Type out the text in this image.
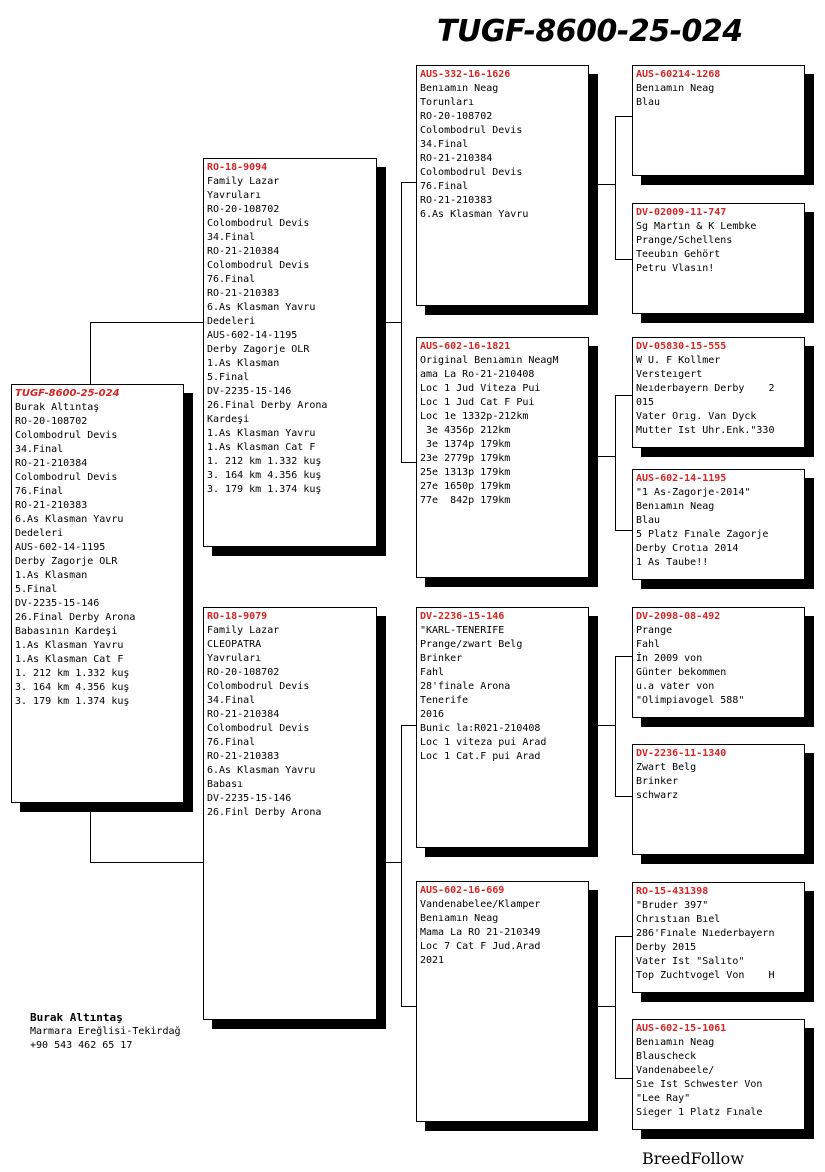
TUGF-8600-25-024
TUGF-8600-25-024
Burak Altıntaş
RO-20-108702
Colombodrul Devis
34.Final
RO-21-210384
Colombodrul Devis
76.Final
RO-21-210383
6.As Klasman Yavru
Dedeleri
AUS-602-14-1195
Derby Zagorje OLR
1.As Klasman
5.Final
DV-2235-15-146
26.Final Derby Arona
Babasının Kardeşi
1.As Klasman Yavru
1.As Klasman Cat F
1. 212 km 1.332 kuş
3. 164 km 4.356 kuş
3. 179 km 1.374 kuş
RO-18-9094
Family Lazar
Yavruları
RO-20-108702
Colombodrul Devis
34.Final
RO-21-210384
Colombodrul Devis
76.Final
RO-21-210383
6.As Klasman Yavru
Dedeleri
AUS-602-14-1195
Derby Zagorje OLR
1.As Klasman
5.Final
DV-2235-15-146
26.Final Derby Arona
Kardeşi
1.As Klasman Yavru
1.As Klasman Cat F
1. 212 km 1.332 kuş
3. 164 km 4.356 kuş
3. 179 km 1.374 kuş
RO-18-9079
Family Lazar
CLEOPATRA
Yavruları
RO-20-108702
Colombodrul Devis
34.Final
RO-21-210384
Colombodrul Devis
76.Final
RO-21-210383
6.As Klasman Yavru
Babası
DV-2235-15-146
26.Finl Derby Arona
AUS-332-16-1626
Benıamın Neag
Torunları
RO-20-108702
Colombodrul Devis
34.Final
RO-21-210384
Colombodrul Devis
76.Final
RO-21-210383
6.As Klasman Yavru
AUS-602-16-1821
Original Benıamın NeagM
ama La Ro-21-210408
Loc 1 Jud Viteza Pui
Loc 1 Jud Cat F Pui
Loc 1e 1332p-212km
3e 4356p 212km
3e 1374p 179km
23e 2779p 179km
25e 1313p 179km
27e 1650p 179km
77e  842p 179km
DV-2236-15-146
"KARL-TENERIFE
Prange/zwart Belg
Brinker
Fahl
28'finale Arona
Tenerife
2016
Bunic la:R021-210408
Loc 1 viteza pui Arad
Loc 1 Cat.F pui Arad
AUS-602-16-669
Vandenabelee/Klamper
Benıamın Neag
Mama La RO 21-210349
Loc 7 Cat F Jud.Arad
2021
AUS-60214-1268
Benıamın Neag
Blau
DV-02009-11-747
Sg Martın & K Lembke
Prange/Schellens
Teeubın Gehört
Petru Vlasın!
DV-05830-15-555
W U. F Kollmer
Versteıgert
Neıderbayern Derby    2
015
Vater Orıg. Van Dyck
Mutter Ist Uhr.Enk."330
AUS-602-14-1195
"1 As-Zagorje-2014"
Benıamın Neag
Blau
5 Platz Fınale Zagorje
Derby Crotıa 2014
1 As Taube!!
DV-2098-08-492
Prange
Fahl
İn 2009 von
Günter bekommen
u.a vater von
"Olimpiavogel 588"
DV-2236-11-1340
Zwart Belg
Brinker
schwarz
RO-15-431398
"Bruder 397"
Chrıstıan Bıel
286'Fınale Nıederbayern
Derby 2015
Vater Ist "Salıto"
Top Zuchtvogel Von    H
AUS-602-15-1061
Benıamın Neag
Blauscheck
Vandenabeele/
Sıe Ist Schwester Von
"Lee Ray"
Sieger 1 Platz Fınale
Burak Altıntaş
Marmara Ereğlisi-Tekirdağ
+90 543 462 65 17
BreedFollow
